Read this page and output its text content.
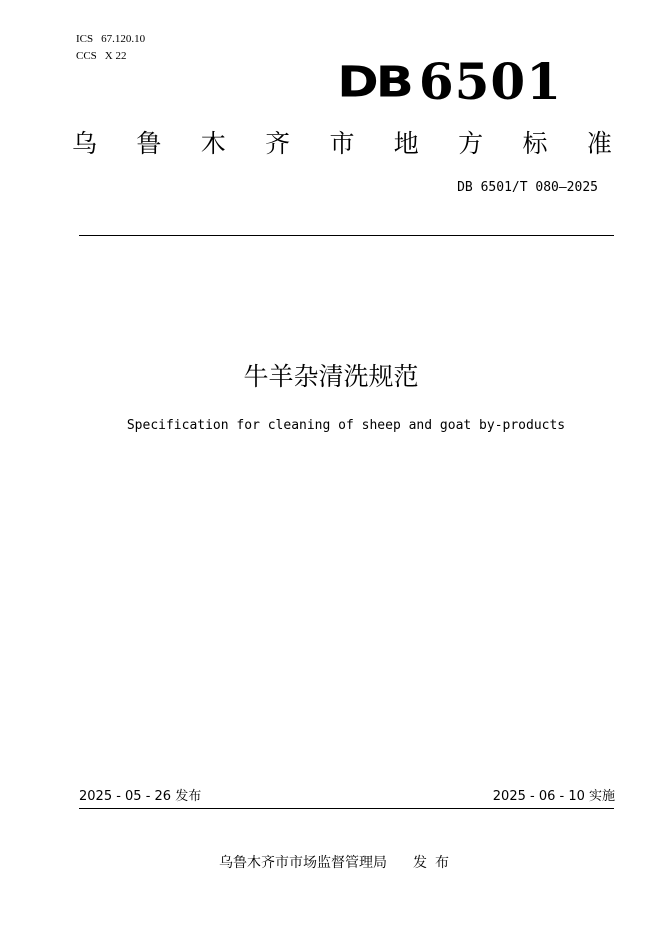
ICS 67.120.10
CCS X 22
DB 6501
乌 鲁 木 齐 市 地 方 标 准
DB 6501/T 080—2025
牛羊杂清洗规范
Specification for cleaning of sheep and goat by-products
2025 - 05 - 26 发布	2025 - 06 - 10 实施
乌鲁木齐市市场监督管理局 发布
